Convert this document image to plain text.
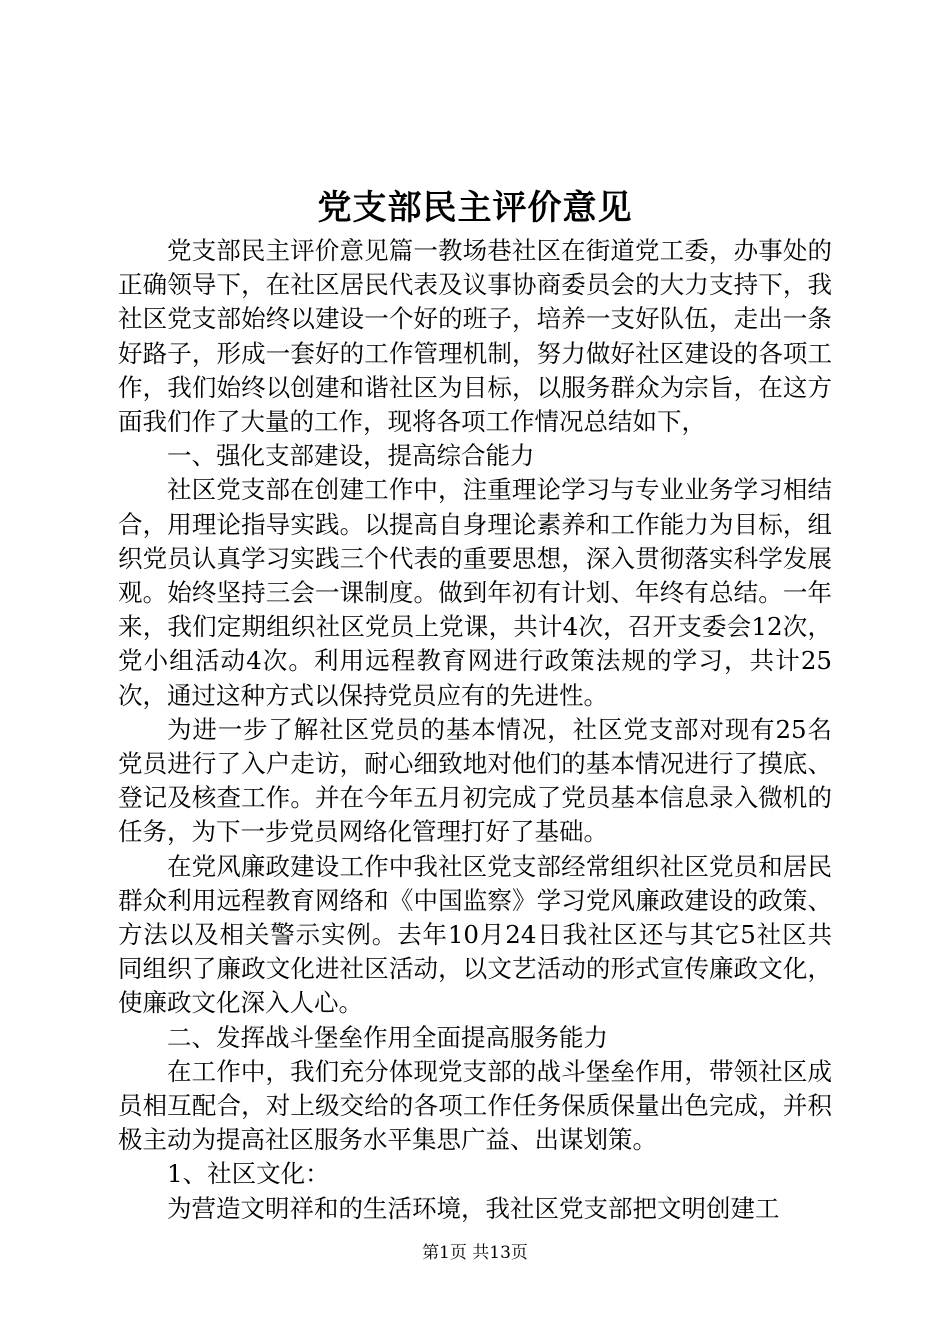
党支部民主评价意见

党支部民主评价意见篇一教场巷社区在街道党工委，办事处的正确领导下，在社区居民代表及议事协商委员会的大力支持下，我社区党支部始终以建设一个好的班子，培养一支好队伍，走出一条好路子，形成一套好的工作管理机制，努力做好社区建设的各项工作，我们始终以创建和谐社区为目标，以服务群众为宗旨，在这方面我们作了大量的工作，现将各项工作情况总结如下，

一、强化支部建设，提高综合能力

社区党支部在创建工作中，注重理论学习与专业业务学习相结合，用理论指导实践。以提高自身理论素养和工作能力为目标，组织党员认真学习实践三个代表的重要思想，深入贯彻落实科学发展观。始终坚持三会一课制度。做到年初有计划、年终有总结。一年来，我们定期组织社区党员上党课，共计4次，召开支委会12次，党小组活动4次。利用远程教育网进行政策法规的学习，共计25次，通过这种方式以保持党员应有的先进性。

为进一步了解社区党员的基本情况，社区党支部对现有25名党员进行了入户走访，耐心细致地对他们的基本情况进行了摸底、登记及核查工作。并在今年五月初完成了党员基本信息录入微机的任务，为下一步党员网络化管理打好了基础。

在党风廉政建设工作中我社区党支部经常组织社区党员和居民群众利用远程教育网络和《中国监察》学习党风廉政建设的政策、方法以及相关警示实例。去年10月24日我社区还与其它5社区共同组织了廉政文化进社区活动，以文艺活动的形式宣传廉政文化，使廉政文化深入人心。

二、发挥战斗堡垒作用全面提高服务能力

在工作中，我们充分体现党支部的战斗堡垒作用，带领社区成员相互配合，对上级交给的各项工作任务保质保量出色完成，并积极主动为提高社区服务水平集思广益、出谋划策。

1、社区文化：

为营造文明祥和的生活环境，我社区党支部把文明创建工

第1页 共13页
